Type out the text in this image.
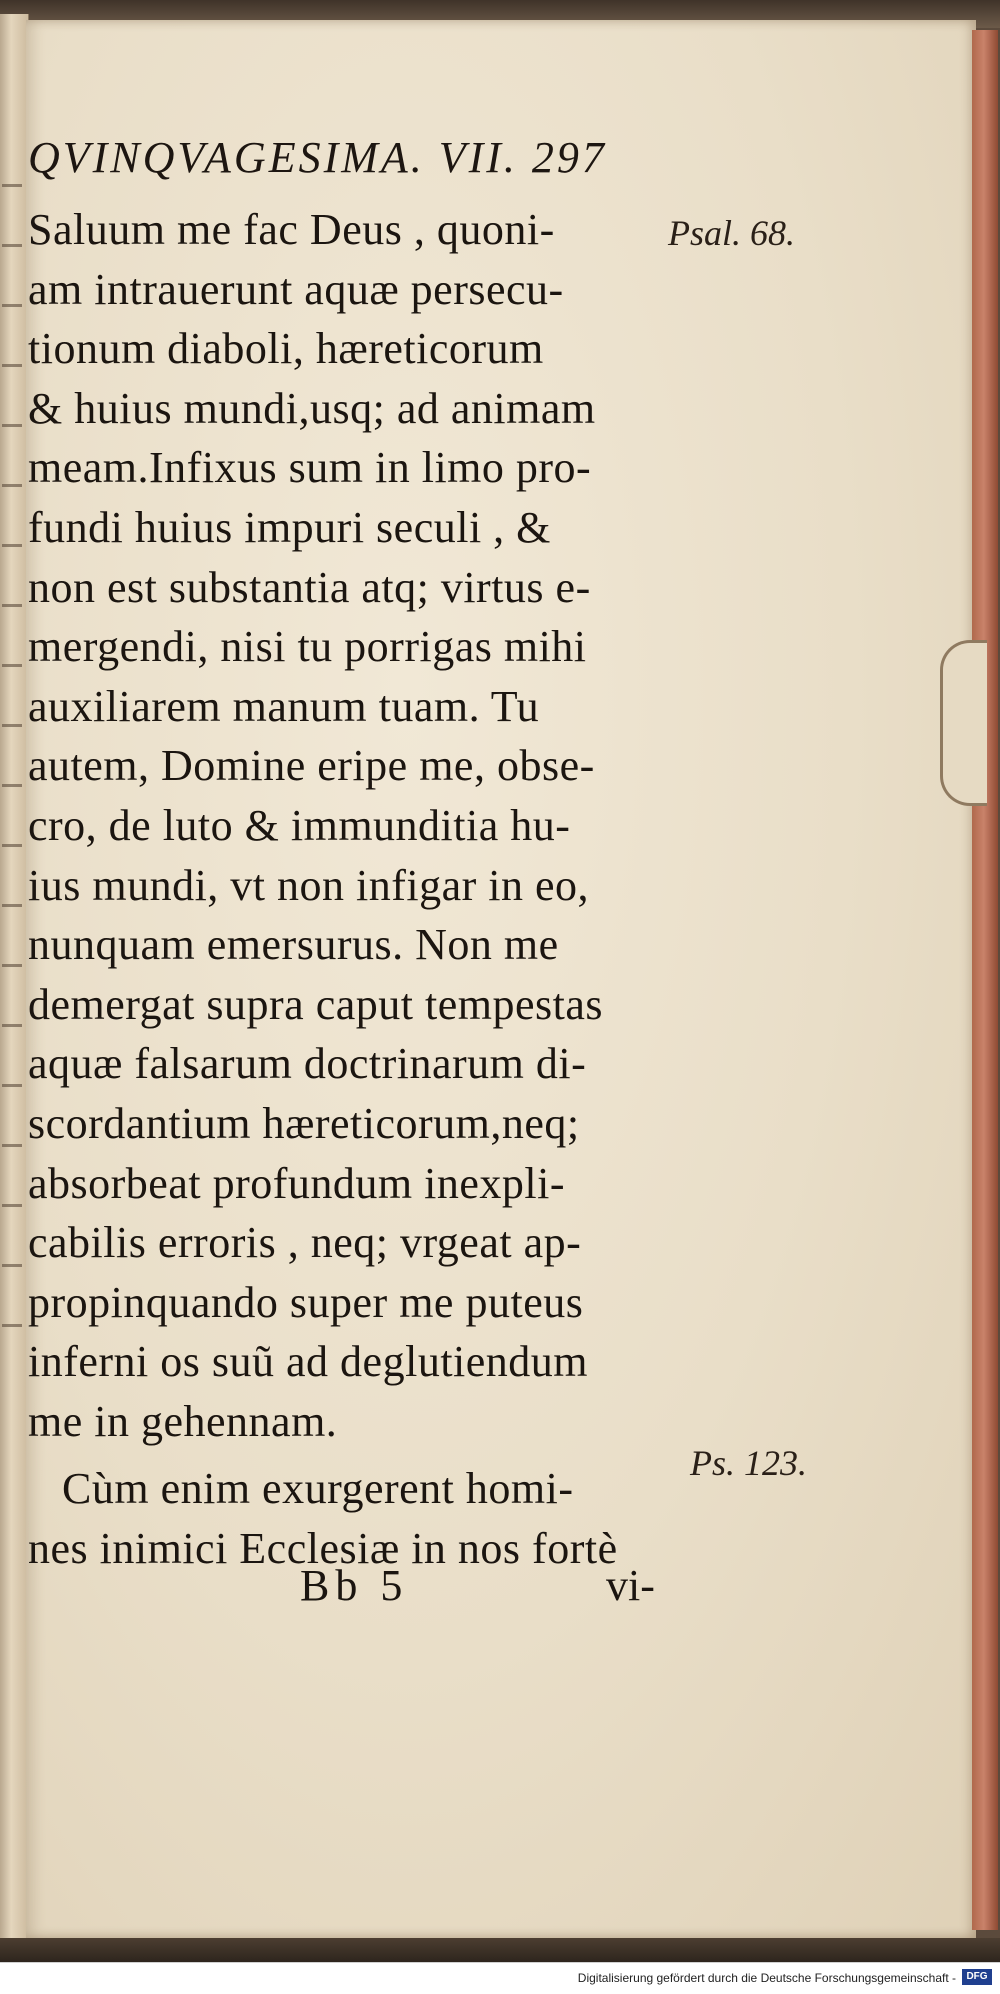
QVINQVAGESIMA. VII. 297
Saluum me fac Deus , quoni-
am intrauerunt aquæ persecu-
tionum diaboli, hæreticorum
& huius mundi,usq; ad animam
meam.Infixus sum in limo pro-
fundi huius impuri seculi , &
non est substantia atq; virtus e-
mergendi, nisi tu porrigas mihi
auxiliarem manum tuam. Tu
autem, Domine eripe me, obse-
cro, de luto & immunditia hu-
ius mundi, vt non infigar in eo,
nunquam emersurus. Non me
demergat supra caput tempestas
aquæ falsarum doctrinarum di-
scordantium hæreticorum,neq;
absorbeat profundum inexpli-
cabilis erroris , neq; vrgeat ap-
propinquando super me puteus
inferni os suũ ad deglutiendum
me in gehennam.
Cùm enim exurgerent homi-
nes inimici Ecclesiæ in nos fortè
Psal. 68.
Ps. 123.
Bb 5	vi-
Digitalisierung gefördert durch die Deutsche Forschungsgemeinschaft -	DFG
